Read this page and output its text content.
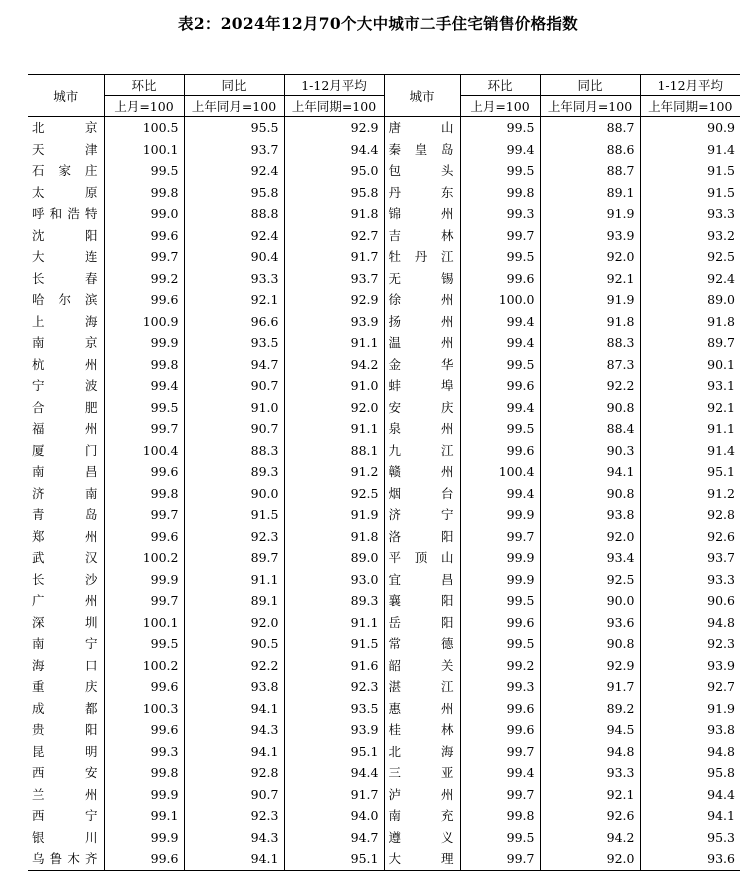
表2：2024年12月70个大中城市二手住宅销售价格指数
城市	环比	同比	1-12月平均	城市	环比	同比	1-12月平均
	上月=100	上年同月=100	上年同期=100		上月=100	上年同月=100	上年同期=100
北京	100.5	95.5	92.9	唐山	99.5	88.7	90.9
天津	100.1	93.7	94.4	秦皇岛	99.4	88.6	91.4
石家庄	99.5	92.4	95.0	包头	99.5	88.7	91.5
太原	99.8	95.8	95.8	丹东	99.8	89.1	91.5
呼和浩特	99.0	88.8	91.8	锦州	99.3	91.9	93.3
沈阳	99.6	92.4	92.7	吉林	99.7	93.9	93.2
大连	99.7	90.4	91.7	牡丹江	99.5	92.0	92.5
长春	99.2	93.3	93.7	无锡	99.6	92.1	92.4
哈尔滨	99.6	92.1	92.9	徐州	100.0	91.9	89.0
上海	100.9	96.6	93.9	扬州	99.4	91.8	91.8
南京	99.9	93.5	91.1	温州	99.4	88.3	89.7
杭州	99.8	94.7	94.2	金华	99.5	87.3	90.1
宁波	99.4	90.7	91.0	蚌埠	99.6	92.2	93.1
合肥	99.5	91.0	92.0	安庆	99.4	90.8	92.1
福州	99.7	90.7	91.1	泉州	99.5	88.4	91.1
厦门	100.4	88.3	88.1	九江	99.6	90.3	91.4
南昌	99.6	89.3	91.2	赣州	100.4	94.1	95.1
济南	99.8	90.0	92.5	烟台	99.4	90.8	91.2
青岛	99.7	91.5	91.9	济宁	99.9	93.8	92.8
郑州	99.6	92.3	91.8	洛阳	99.7	92.0	92.6
武汉	100.2	89.7	89.0	平顶山	99.9	93.4	93.7
长沙	99.9	91.1	93.0	宜昌	99.9	92.5	93.3
广州	99.7	89.1	89.3	襄阳	99.5	90.0	90.6
深圳	100.1	92.0	91.1	岳阳	99.6	93.6	94.8
南宁	99.5	90.5	91.5	常德	99.5	90.8	92.3
海口	100.2	92.2	91.6	韶关	99.2	92.9	93.9
重庆	99.6	93.8	92.3	湛江	99.3	91.7	92.7
成都	100.3	94.1	93.5	惠州	99.6	89.2	91.9
贵阳	99.6	94.3	93.9	桂林	99.6	94.5	93.8
昆明	99.3	94.1	95.1	北海	99.7	94.8	94.8
西安	99.8	92.8	94.4	三亚	99.4	93.3	95.8
兰州	99.9	90.7	91.7	泸州	99.7	92.1	94.4
西宁	99.1	92.3	94.0	南充	99.8	92.6	94.1
银川	99.9	94.3	94.7	遵义	99.5	94.2	95.3
乌鲁木齐	99.6	94.1	95.1	大理	99.7	92.0	93.6
